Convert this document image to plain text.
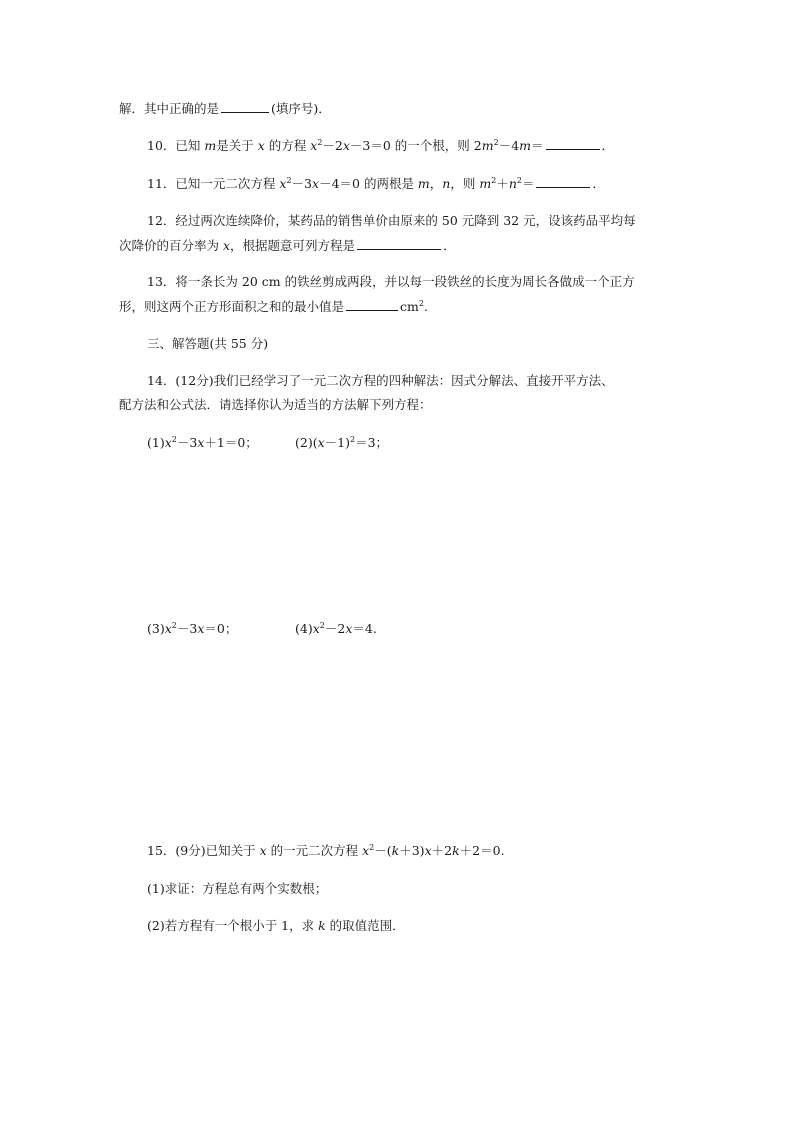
解．其中正确的是	(填序号)．
10．已知 m是关于 x 的方程 $x^2-2x-3=0$ 的一个根，则 $2m^2-4m=$	．
11．已知一元二次方程 $x^2-3x-4=0$ 的两根是 m，n，则 $m^2+n^2=$	．
12．经过两次连续降价，某药品的销售单价由原来的 50 元降到 32 元，设该药品平均每
次降价的百分率为 x，根据题意可列方程是	．
13．将一条长为 20 cm 的铁丝剪成两段，并以每一段铁丝的长度为周长各做成一个正方
形，则这两个正方形面积之和的最小值是	$cm^2$.
三、解答题(共 55 分)
14．(12分)我们已经学习了一元二次方程的四种解法：因式分解法、直接开平方法、
配方法和公式法．请选择你认为适当的方法解下列方程：
$(1)x^2-3x+1=0$；	$(2)(x-1)^2=3$；
$(3)x^2-3x=0$；	$(4)x^2-2x=4$.
15．(9分)已知关于 x 的一元二次方程 $x^2-(k+3)x+2k+2=0$.
(1)求证：方程总有两个实数根；
(2)若方程有一个根小于 1，求 k 的取值范围．
